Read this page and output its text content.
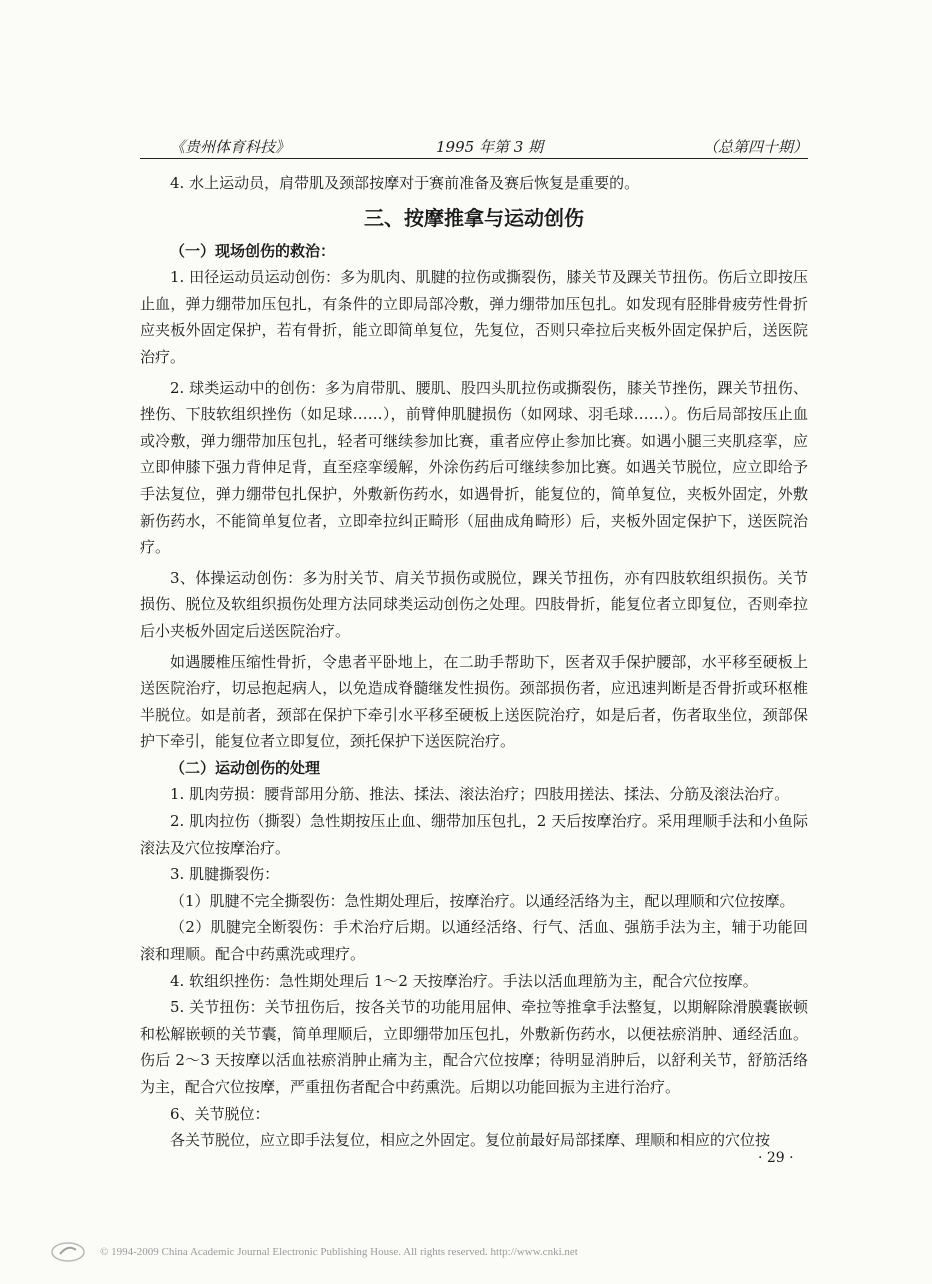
《贵州体育科技》	1995 年第 3 期	（总第四十期）

4. 水上运动员，肩带肌及颈部按摩对于赛前准备及赛后恢复是重要的。

三、按摩推拿与运动创伤

（一）现场创伤的救治：

1. 田径运动员运动创伤：多为肌肉、肌腱的拉伤或撕裂伤，膝关节及踝关节扭伤。伤后立即按压止血，弹力绷带加压包扎，有条件的立即局部冷敷，弹力绷带加压包扎。如发现有胫腓骨疲劳性骨折应夹板外固定保护，若有骨折，能立即简单复位，先复位，否则只牵拉后夹板外固定保护后，送医院治疗。

2. 球类运动中的创伤：多为肩带肌、腰肌、股四头肌拉伤或撕裂伤，膝关节挫伤，踝关节扭伤、挫伤、下肢软组织挫伤（如足球……），前臂伸肌腱损伤（如网球、羽毛球……）。伤后局部按压止血或冷敷，弹力绷带加压包扎，轻者可继续参加比赛，重者应停止参加比赛。如遇小腿三夹肌痉挛，应立即伸膝下强力背伸足背，直至痉挛缓解，外涂伤药后可继续参加比赛。如遇关节脱位，应立即给予手法复位，弹力绷带包扎保护，外敷新伤药水，如遇骨折，能复位的，简单复位，夹板外固定，外敷新伤药水，不能简单复位者，立即牵拉纠正畸形（屈曲成角畸形）后，夹板外固定保护下，送医院治疗。

3、体操运动创伤：多为肘关节、肩关节损伤或脱位，踝关节扭伤，亦有四肢软组织损伤。关节损伤、脱位及软组织损伤处理方法同球类运动创伤之处理。四肢骨折，能复位者立即复位，否则牵拉后小夹板外固定后送医院治疗。

如遇腰椎压缩性骨折，令患者平卧地上，在二助手帮助下，医者双手保护腰部，水平移至硬板上送医院治疗，切忌抱起病人，以免造成脊髓继发性损伤。颈部损伤者，应迅速判断是否骨折或环枢椎半脱位。如是前者，颈部在保护下牵引水平移至硬板上送医院治疗，如是后者，伤者取坐位，颈部保护下牵引，能复位者立即复位，颈托保护下送医院治疗。

（二）运动创伤的处理

1. 肌肉劳损：腰背部用分筋、推法、揉法、滚法治疗；四肢用搓法、揉法、分筋及滚法治疗。

2. 肌肉拉伤（撕裂）急性期按压止血、绷带加压包扎，2 天后按摩治疗。采用理顺手法和小鱼际滚法及穴位按摩治疗。

3. 肌腱撕裂伤：

（1）肌腱不完全撕裂伤：急性期处理后，按摩治疗。以通经活络为主，配以理顺和穴位按摩。

（2）肌腱完全断裂伤：手术治疗后期。以通经活络、行气、活血、强筋手法为主，辅于功能回滚和理顺。配合中药熏洗或理疗。

4. 软组织挫伤：急性期处理后 1～2 天按摩治疗。手法以活血理筋为主，配合穴位按摩。

5. 关节扭伤：关节扭伤后，按各关节的功能用屈伸、牵拉等推拿手法整复，以期解除滑膜囊嵌顿和松解嵌顿的关节囊，简单理顺后，立即绷带加压包扎，外敷新伤药水，以便祛瘀消肿、通经活血。伤后 2～3 天按摩以活血祛瘀消肿止痛为主，配合穴位按摩；待明显消肿后，以舒利关节，舒筋活络为主，配合穴位按摩，严重扭伤者配合中药熏洗。后期以功能回振为主进行治疗。

6、关节脱位：

各关节脱位，应立即手法复位，相应之外固定。复位前最好局部揉摩、理顺和相应的穴位按

· 29 ·
© 1994-2009 China Academic Journal Electronic Publishing House. All rights reserved. http://www.cnki.net
